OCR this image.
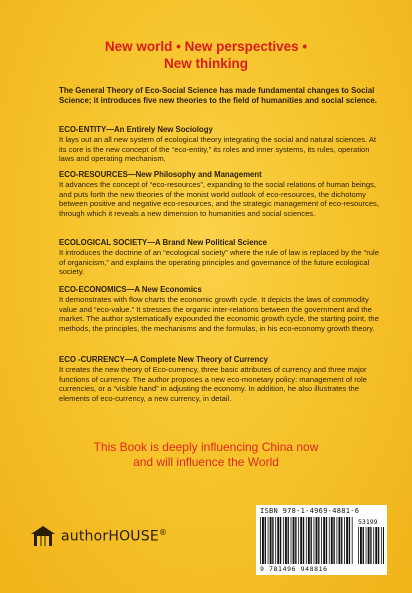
New world • New perspectives •
New thinking
The General Theory of Eco-Social Science has made fundamental changes to Social Science; it introduces five new theories to the field of humanities and social science.
ECO-ENTITY—An Entirely New Sociology

It lays out an all new system of ecological theory integrating the social and natural sciences. At its core is the new concept of the “eco-entity,” its roles and inner systems, its rules, operation laws and operating mechanism.

ECO-RESOURCES—New Philosophy and Management

It advances the concept of “eco-resources”, expanding to the social relations of human beings, and puts forth the new theories of the monist world outlook of eco-resources, the dichotomy between positive and negative eco-resources, and the strategic management of eco-resources, through which it reveals a new dimension to humanities and social sciences.

ECOLOGICAL SOCIETY—A Brand New Political Science

It introduces the doctrine of an “ecological society” where the rule of law is replaced by the “rule of organicism,” and explains the operating principles and governance of the future ecological society.

ECO-ECONOMICS—A New Economics

It demonstrates with flow charts the economic growth cycle. It depicts the laws of commodity value and “eco-value.” It stresses the organic inter-relations between the government and the market. The author systematically expounded the economic growth cycle, the starting point, the methods, the principles, the mechanisms and the formulas, in his eco-economy growth theory.

ECO -CURRENCY—A Complete New Theory of Currency

It creates the new theory of Eco-currency, three basic attributes of currency and three major functions of currency. The author proposes a new eco-monetary policy: management of role currencies, or a “visible hand” in adjusting the economy. In addition, he also illustrates the elements of eco-currency, a new currency, in detail.

This Book is deeply influencing China now
and will influence the World
authorHOUSE®
ISBN 978-1-4969-4881-6
53199
9 781496 948816
